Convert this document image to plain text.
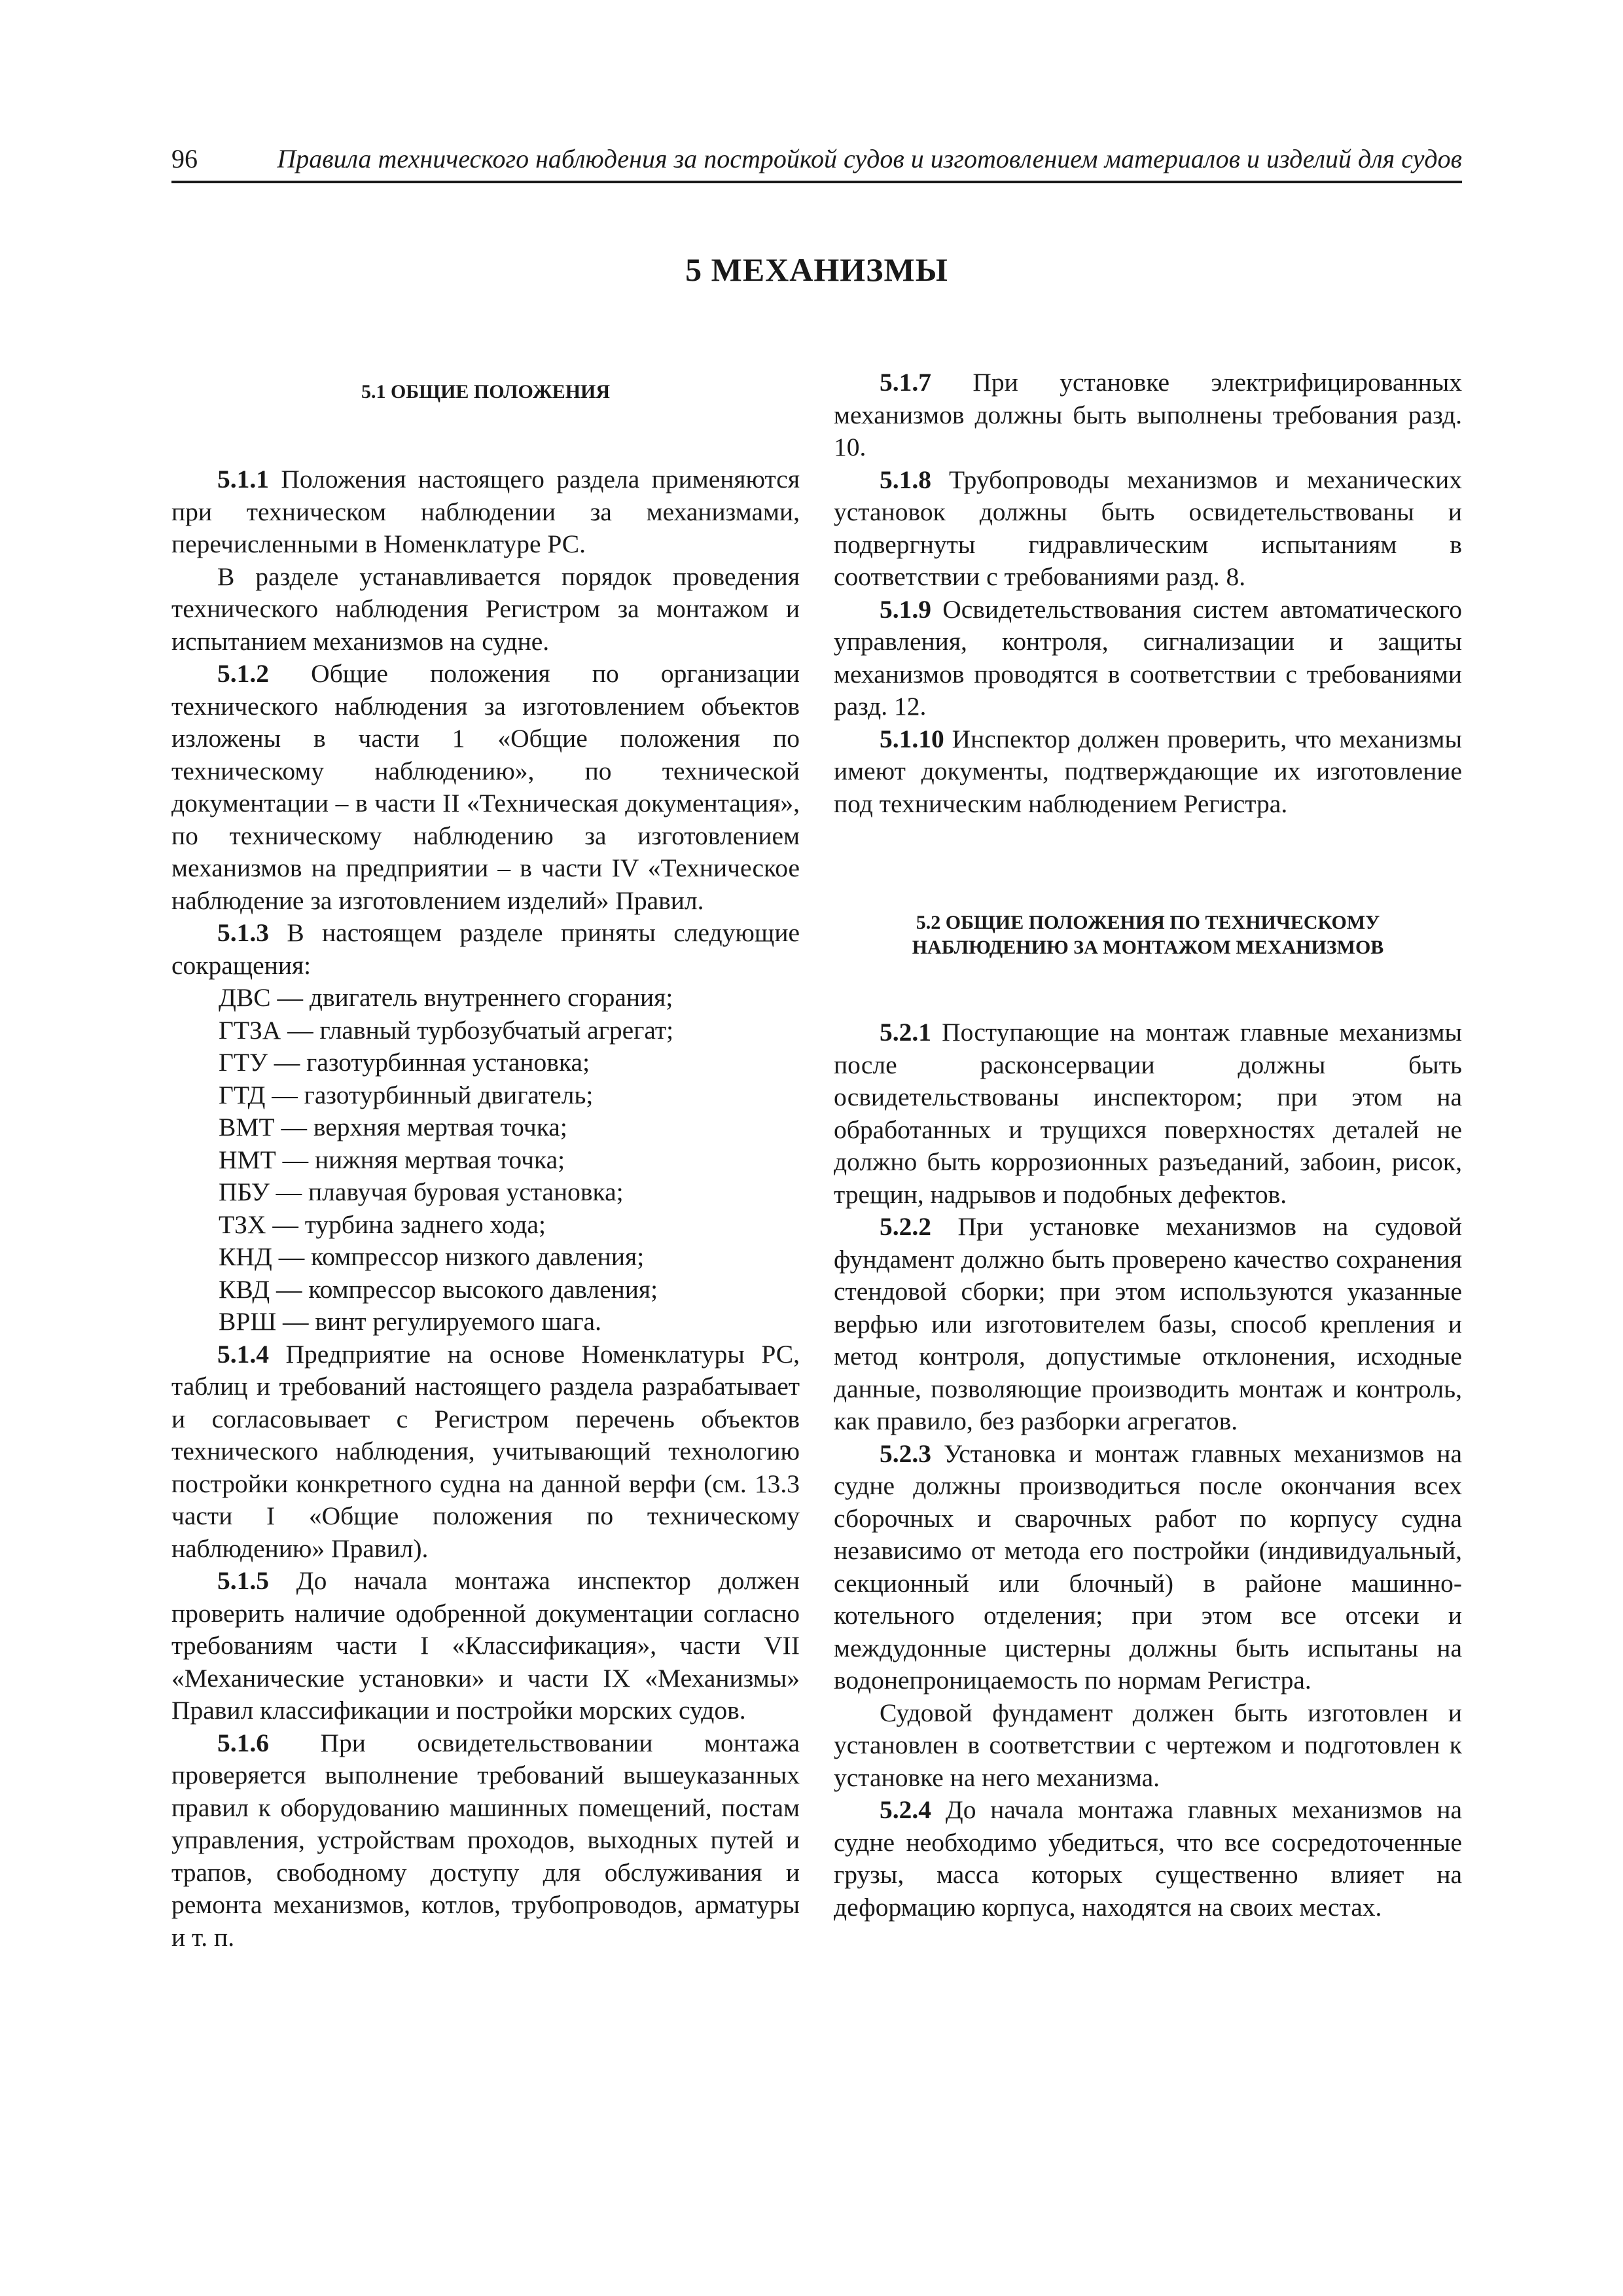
96	Правила технического наблюдения за постройкой судов и изготовлением материалов и изделий для судов
5 МЕХАНИЗМЫ
5.1 ОБЩИЕ ПОЛОЖЕНИЯ

5.1.1 Положения настоящего раздела применяются при техническом наблюдении за механизмами, перечисленными в Номенклатуре РС.

В разделе устанавливается порядок проведения технического наблюдения Регистром за монтажом и испытанием механизмов на судне.

5.1.2 Общие положения по организации технического наблюдения за изготовлением объектов изложены в части 1 «Общие положения по техническому наблюдению», по технической документации – в части II «Техническая документация», по техническому наблюдению за изготовлением механизмов на предприятии – в части IV «Техническое наблюдение за изготовлением изделий» Правил.

5.1.3 В настоящем разделе приняты следующие сокращения:

ДВС — двигатель внутреннего сгорания;
ГТЗА — главный турбозубчатый агрегат;
ГТУ — газотурбинная установка;
ГТД — газотурбинный двигатель;
ВМТ — верхняя мертвая точка;
НМТ — нижняя мертвая точка;
ПБУ — плавучая буровая установка;
ТЗХ — турбина заднего хода;
КНД — компрессор низкого давления;
КВД — компрессор высокого давления;
ВРШ — винт регулируемого шага.

5.1.4 Предприятие на основе Номенклатуры РС, таблиц и требований настоящего раздела разрабатывает и согласовывает с Регистром перечень объектов технического наблюдения, учитывающий технологию постройки конкретного судна на данной верфи (см. 13.3 части I «Общие положения по техническому наблюдению» Правил).

5.1.5 До начала монтажа инспектор должен проверить наличие одобренной документации согласно требованиям части I «Классификация», части VII «Механические установки» и части IX «Механизмы» Правил классификации и постройки морских судов.

5.1.6 При освидетельствовании монтажа проверяется выполнение требований вышеуказанных правил к оборудованию машинных помещений, постам управления, устройствам проходов, выходных путей и трапов, свободному доступу для обслуживания и ремонта механизмов, котлов, трубопроводов, арматуры и т. п.

5.1.7 При установке электрифицированных механизмов должны быть выполнены требования разд. 10.

5.1.8 Трубопроводы механизмов и механических установок должны быть освидетельствованы и подвергнуты гидравлическим испытаниям в соответствии с требованиями разд. 8.

5.1.9 Освидетельствования систем автоматического управления, контроля, сигнализации и защиты механизмов проводятся в соответствии с требованиями разд. 12.

5.1.10 Инспектор должен проверить, что механизмы имеют документы, подтверждающие их изготовление под техническим наблюдением Регистра.

5.2 ОБЩИЕ ПОЛОЖЕНИЯ ПО ТЕХНИЧЕСКОМУ
НАБЛЮДЕНИЮ ЗА МОНТАЖОМ МЕХАНИЗМОВ

5.2.1 Поступающие на монтаж главные механизмы после расконсервации должны быть освидетельствованы инспектором; при этом на обработанных и трущихся поверхностях деталей не должно быть коррозионных разъеданий, забоин, рисок, трещин, надрывов и подобных дефектов.

5.2.2 При установке механизмов на судовой фундамент должно быть проверено качество сохранения стендовой сборки; при этом используются указанные верфью или изготовителем базы, способ крепления и метод контроля, допустимые отклонения, исходные данные, позволяющие производить монтаж и контроль, как правило, без разборки агрегатов.

5.2.3 Установка и монтаж главных механизмов на судне должны производиться после окончания всех сборочных и сварочных работ по корпусу судна независимо от метода его постройки (индивидуальный, секционный или блочный) в районе машинно-котельного отделения; при этом все отсеки и междудонные цистерны должны быть испытаны на водонепроницаемость по нормам Регистра.

Судовой фундамент должен быть изготовлен и установлен в соответствии с чертежом и подготовлен к установке на него механизма.

5.2.4 До начала монтажа главных механизмов на судне необходимо убедиться, что все сосредоточенные грузы, масса которых существенно влияет на деформацию корпуса, находятся на своих местах.
